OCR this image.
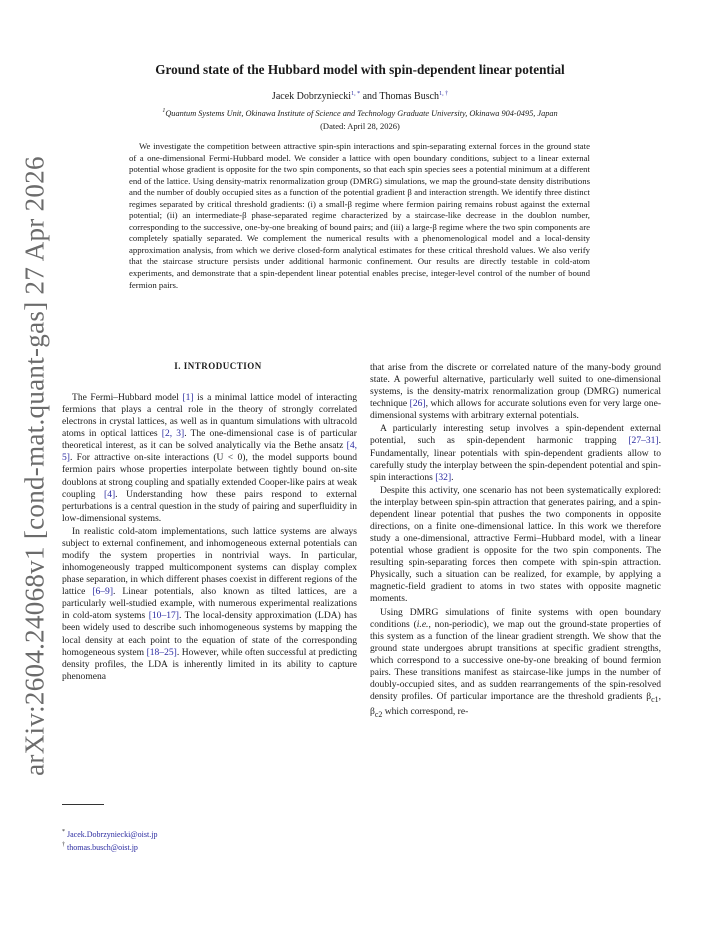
arXiv:2604.24068v1 [cond-mat.quant-gas] 27 Apr 2026
Ground state of the Hubbard model with spin-dependent linear potential
Jacek Dobrzyniecki$^{1, *}$ and Thomas Busch$^{1, \dagger}$
$^1$Quantum Systems Unit, Okinawa Institute of Science and Technology Graduate University, Okinawa 904-0495, Japan
(Dated: April 28, 2026)
We investigate the competition between attractive spin-spin interactions and spin-separating external forces in the ground state of a one-dimensional Fermi-Hubbard model. We consider a lattice with open boundary conditions, subject to a linear external potential whose gradient is opposite for the two spin components, so that each spin species sees a potential minimum at a different end of the lattice. Using density-matrix renormalization group (DMRG) simulations, we map the ground-state density distributions and the number of doubly occupied sites as a function of the potential gradient β and interaction strength. We identify three distinct regimes separated by critical threshold gradients: (i) a small-β regime where fermion pairing remains robust against the external potential; (ii) an intermediate-β phase-separated regime characterized by a staircase-like decrease in the doublon number, corresponding to the successive, one-by-one breaking of bound pairs; and (iii) a large-β regime where the two spin components are completely spatially separated. We complement the numerical results with a phenomenological model and a local-density approximation analysis, from which we derive closed-form analytical estimates for these critical threshold values. We also verify that the staircase structure persists under additional harmonic confinement. Our results are directly testable in cold-atom experiments, and demonstrate that a spin-dependent linear potential enables precise, integer-level control of the number of bound fermion pairs.
I. INTRODUCTION

The Fermi–Hubbard model [1] is a minimal lattice model of interacting fermions that plays a central role in the theory of strongly correlated electrons in crystal lattices, as well as in quantum simulations with ultracold atoms in optical lattices [2, 3]. The one-dimensional case is of particular theoretical interest, as it can be solved analytically via the Bethe ansatz [4, 5]. For attractive on-site interactions (U < 0), the model supports bound fermion pairs whose properties interpolate between tightly bound on-site doublons at strong coupling and spatially extended Cooper-like pairs at weak coupling [4]. Understanding how these pairs respond to external perturbations is a central question in the study of pairing and superfluidity in low-dimensional systems.

In realistic cold-atom implementations, such lattice systems are always subject to external confinement, and inhomogeneous external potentials can modify the system properties in nontrivial ways. In particular, inhomogeneously trapped multicomponent systems can display complex phase separation, in which different phases coexist in different regions of the lattice [6–9]. Linear potentials, also known as tilted lattices, are a particularly well-studied example, with numerous experimental realizations in cold-atom systems [10–17]. The local-density approximation (LDA) has been widely used to describe such inhomogeneous systems by mapping the local density at each point to the equation of state of the corresponding homogeneous system [18–25]. However, while often successful at predicting density profiles, the LDA is inherently limited in its ability to capture phenomena

that arise from the discrete or correlated nature of the many-body ground state. A powerful alternative, particularly well suited to one-dimensional systems, is the density-matrix renormalization group (DMRG) numerical technique [26], which allows for accurate solutions even for very large one-dimensional systems with arbitrary external potentials.

A particularly interesting setup involves a spin-dependent external potential, such as spin-dependent harmonic trapping [27–31]. Fundamentally, linear potentials with spin-dependent gradients allow to carefully study the interplay between the spin-dependent potential and spin-spin interactions [32].

Despite this activity, one scenario has not been systematically explored: the interplay between spin-spin attraction that generates pairing, and a spin-dependent linear potential that pushes the two components in opposite directions, on a finite one-dimensional lattice. In this work we therefore study a one-dimensional, attractive Fermi–Hubbard model, with a linear potential whose gradient is opposite for the two spin components. The resulting spin-separating forces then compete with spin-spin attraction. Physically, such a situation can be realized, for example, by applying a magnetic-field gradient to atoms in two states with opposite magnetic moments.

Using DMRG simulations of finite systems with open boundary conditions (i.e., non-periodic), we map out the ground-state properties of this system as a function of the linear gradient strength. We show that the ground state undergoes abrupt transitions at specific gradient strengths, which correspond to a successive one-by-one breaking of bound fermion pairs. These transitions manifest as staircase-like jumps in the number of doubly-occupied sites, and as sudden rearrangements of the spin-resolved density profiles. Of particular importance are the threshold gradients $\beta_{c1}$, $\beta_{c2}$ which correspond, re-

* Jacek.Dobrzyniecki@oist.jp
† thomas.busch@oist.jp
